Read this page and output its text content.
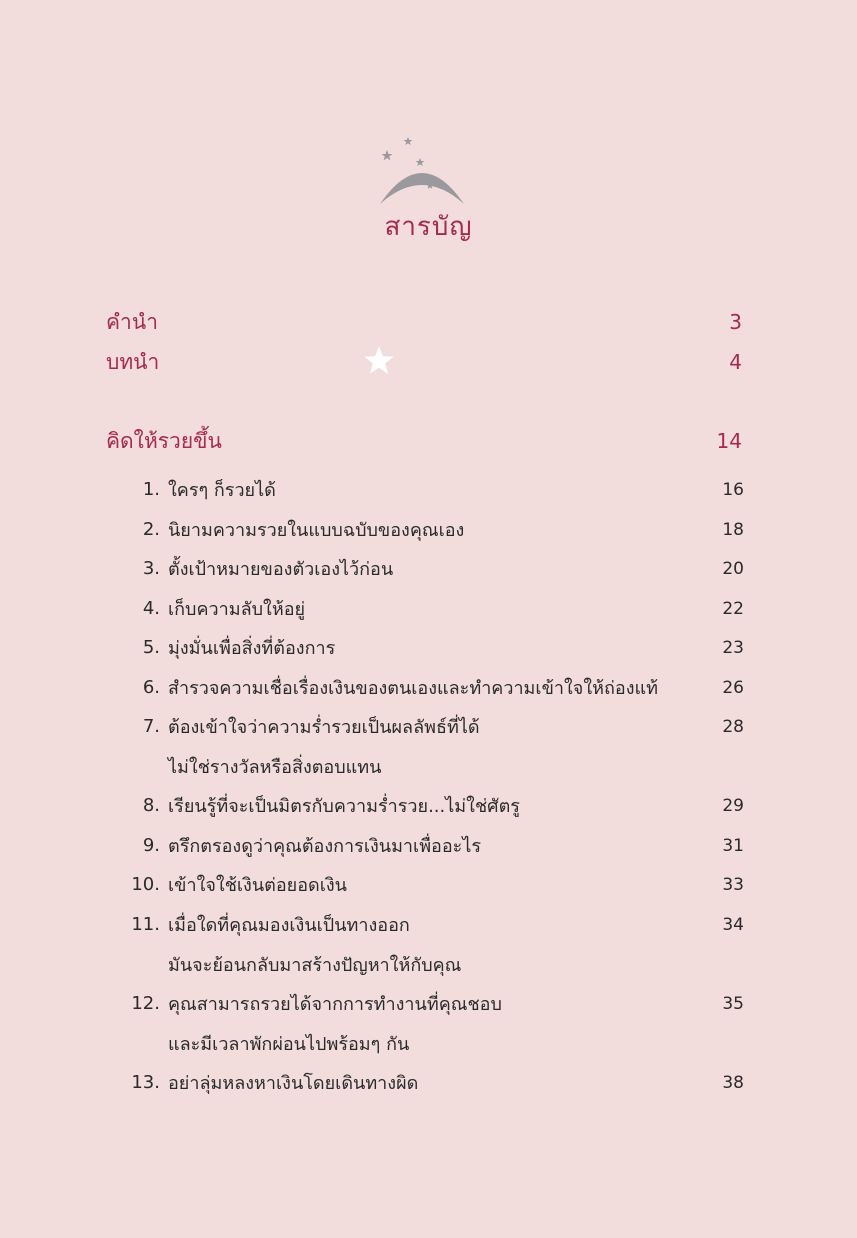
สารบัญ
คำนำ	3
บทนำ	4
คิดให้รวยขึ้น	14
1. ใครๆ ก็รวยได้	16
2. นิยามความรวยในแบบฉบับของคุณเอง	18
3. ตั้งเป้าหมายของตัวเองไว้ก่อน	20
4. เก็บความลับให้อยู่	22
5. มุ่งมั่นเพื่อสิ่งที่ต้องการ	23
6. สำรวจความเชื่อเรื่องเงินของตนเองและทำความเข้าใจให้ถ่องแท้	26
7. ต้องเข้าใจว่าความร่ำรวยเป็นผลลัพธ์ที่ได้	28
ไม่ใช่รางวัลหรือสิ่งตอบแทน
8. เรียนรู้ที่จะเป็นมิตรกับความร่ำรวย...ไม่ใช่ศัตรู	29
9. ตรึกตรองดูว่าคุณต้องการเงินมาเพื่ออะไร	31
10. เข้าใจใช้เงินต่อยอดเงิน	33
11. เมื่อใดที่คุณมองเงินเป็นทางออก	34
มันจะย้อนกลับมาสร้างปัญหาให้กับคุณ
12. คุณสามารถรวยได้จากการทำงานที่คุณชอบ	35
และมีเวลาพักผ่อนไปพร้อมๆ กัน
13. อย่าลุ่มหลงหาเงินโดยเดินทางผิด	38
